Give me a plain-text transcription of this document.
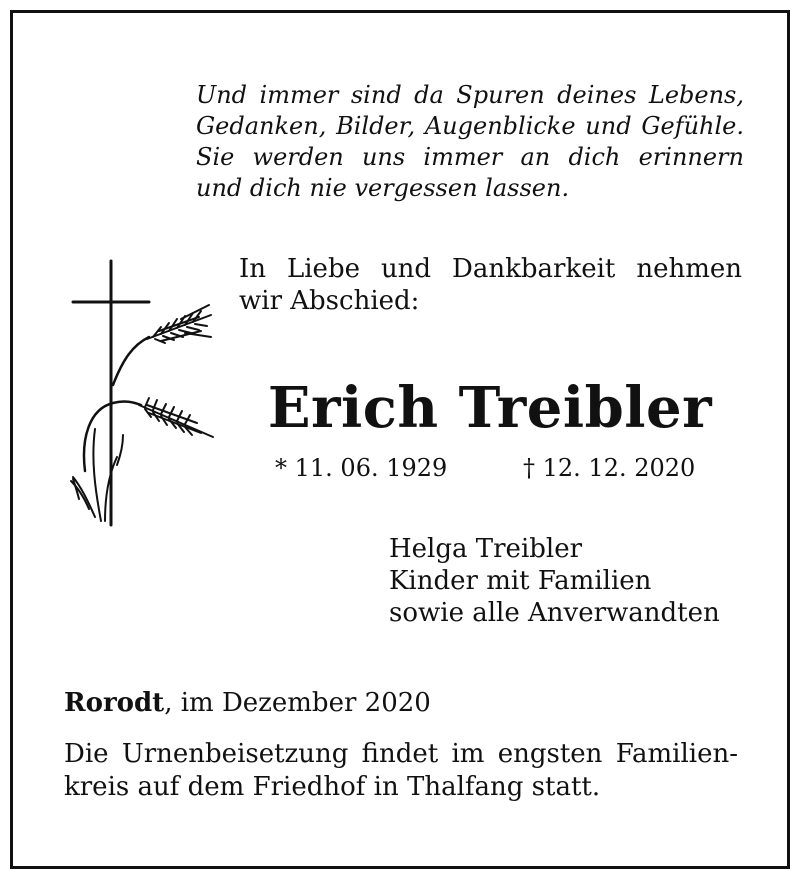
Und immer sind da Spuren deines Lebens,
Gedanken, Bilder, Augenblicke und Gefühle.
Sie werden uns immer an dich erinnern
und dich nie vergessen lassen.
In Liebe und Dankbarkeit nehmen
wir Abschied:
Erich Treibler
* 11. 06. 1929	† 12. 12. 2020
Helga Treibler
Kinder mit Familien
sowie alle Anverwandten
Rorodt, im Dezember 2020
Die Urnenbeisetzung findet im engsten Familien-
kreis auf dem Friedhof in Thalfang statt.
